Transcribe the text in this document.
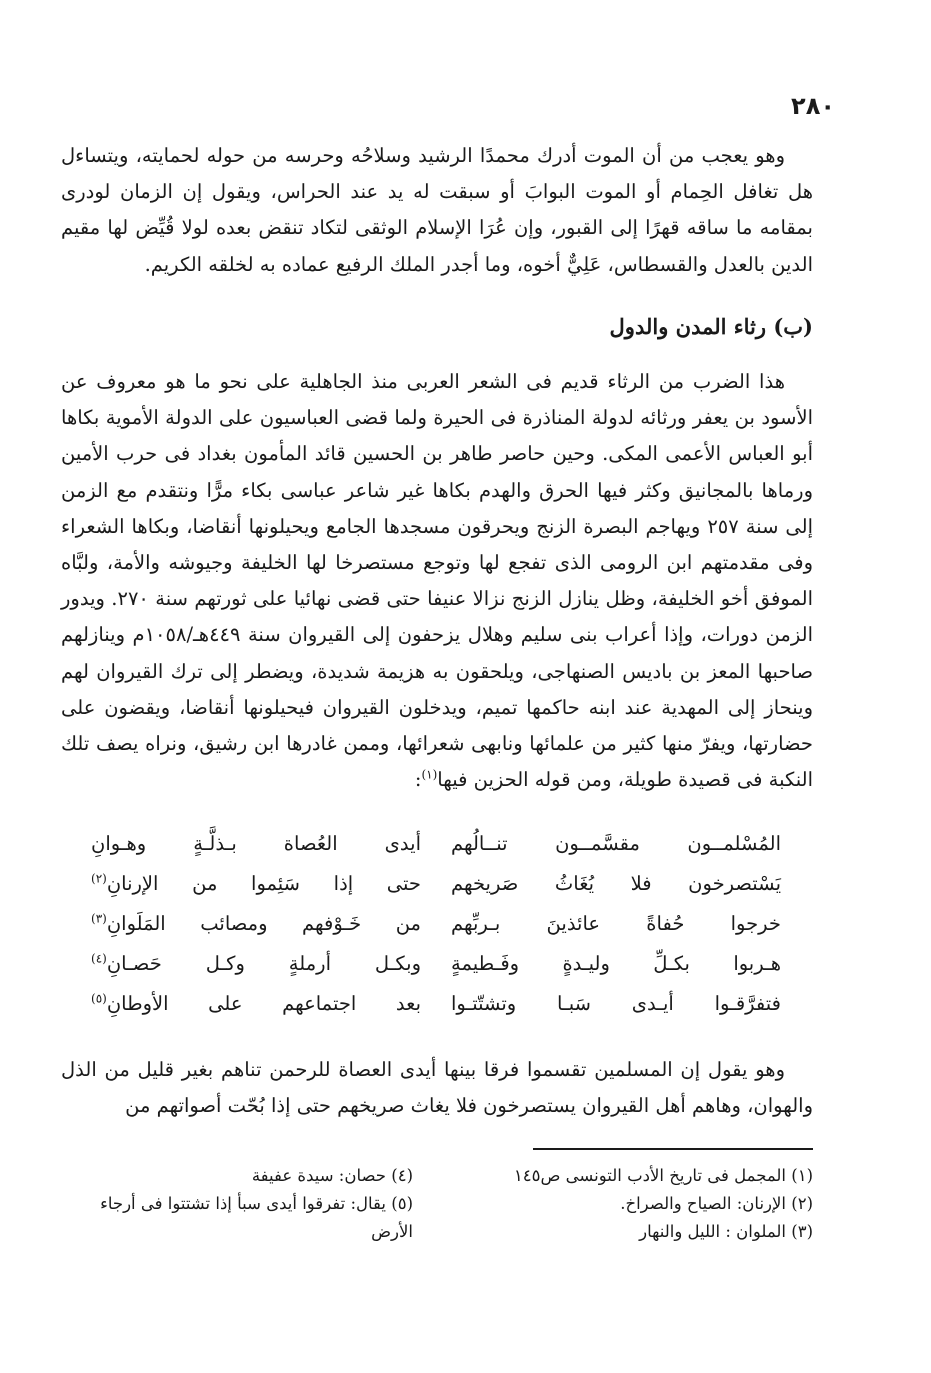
٢٨٠

وهو يعجب من أن الموت أدرك محمدًا الرشيد وسلاحُه وحرسه من حوله لحمايته، ويتساءل هل تغافل الحِمام أو الموت البوابَ أو سبقت له يد عند الحراس، ويقول إن الزمان لودرى بمقامه ما ساقه قهرًا إلى القبور، وإن عُرَا الإسلام الوثقى لتكاد تنقض بعده لولا قُيِّض لها مقيم الدين بالعدل والقسطاس، عَلِيٌّ أخوه، وما أجدر الملك الرفيع عماده به لخلقه الكريم.

(ب) رثاء المدن والدول

هذا الضرب من الرثاء قديم فى الشعر العربى منذ الجاهلية على نحو ما هو معروف عن الأسود بن يعفر ورثائه لدولة المناذرة فى الحيرة ولما قضى العباسيون على الدولة الأموية بكاها أبو العباس الأعمى المكى. وحين حاصر طاهر بن الحسين قائد المأمون بغداد فى حرب الأمين ورماها بالمجانيق وكثر فيها الحرق والهدم بكاها غير شاعر عباسى بكاء مرًّا ونتقدم مع الزمن إلى سنة ٢٥٧ ويهاجم البصرة الزنج ويحرقون مسجدها الجامع ويحيلونها أنقاضا، وبكاها الشعراء وفى مقدمتهم ابن الرومى الذى تفجع لها وتوجع مستصرخا لها الخليفة وجيوشه والأمة، ولبَّاه الموفق أخو الخليفة، وظل ينازل الزنج نزالا عنيفا حتى قضى نهائيا على ثورتهم سنة ٢٧٠. ويدور الزمن دورات، وإذا أعراب بنى سليم وهلال يزحفون إلى القيروان سنة ٤٤٩هـ/١٠٥٨م وينازلهم صاحبها المعز بن باديس الصنهاجى، ويلحقون به هزيمة شديدة، ويضطر إلى ترك القيروان لهم وينحاز إلى المهدية عند ابنه حاكمها تميم، ويدخلون القيروان فيحيلونها أنقاضا، ويقضون على حضارتها، ويفرّ منها كثير من علمائها ونابهى شعرائها، وممن غادرها ابن رشيق، ونراه يصف تلك النكبة فى قصيدة طويلة، ومن قوله الحزين فيها$^{(١)}$:

المُسْلمــون مقسَّمــون تنــالُهم
أيدى العُصاة بـذلَّـةٍ وهـوانِ
يَسْتصرخون فلا يُغَاثُ صَريخهم
حتى إذا سَئِموا من الإرنانِ$^{(٢)}$
خرجوا حُفاةً عائذينَ بـربِّهم
من خَـوْفهم ومصائب المَلَوانِ$^{(٣)}$
هـربوا بكـلِّ وليـدةٍ وفَـطيمةٍ
وبكـل أرملةٍ وكـل حَصـانِ$^{(٤)}$
فتفرَّقـوا أيـدى سَبـا وتشتّتـوا
بعد اجتماعهم على الأوطانِ$^{(٥)}$

وهو يقول إن المسلمين تقسموا فرقا بينها أيدى العصاة للرحمن تناهم بغير قليل من الذل والهوان، وهاهم أهل القيروان يستصرخون فلا يغاث صريخهم حتى إذا بُحّت أصواتهم من

(١) المجمل فى تاريخ الأدب التونسى ص١٤٥

(٢) الإرنان: الصياح والصراخ.

(٣) الملوان : الليل والنهار

(٤) حصان: سيدة عفيفة

(٥) يقال: تفرقوا أيدى سبأ إذا تشتتوا فى أرجاء الأرض
